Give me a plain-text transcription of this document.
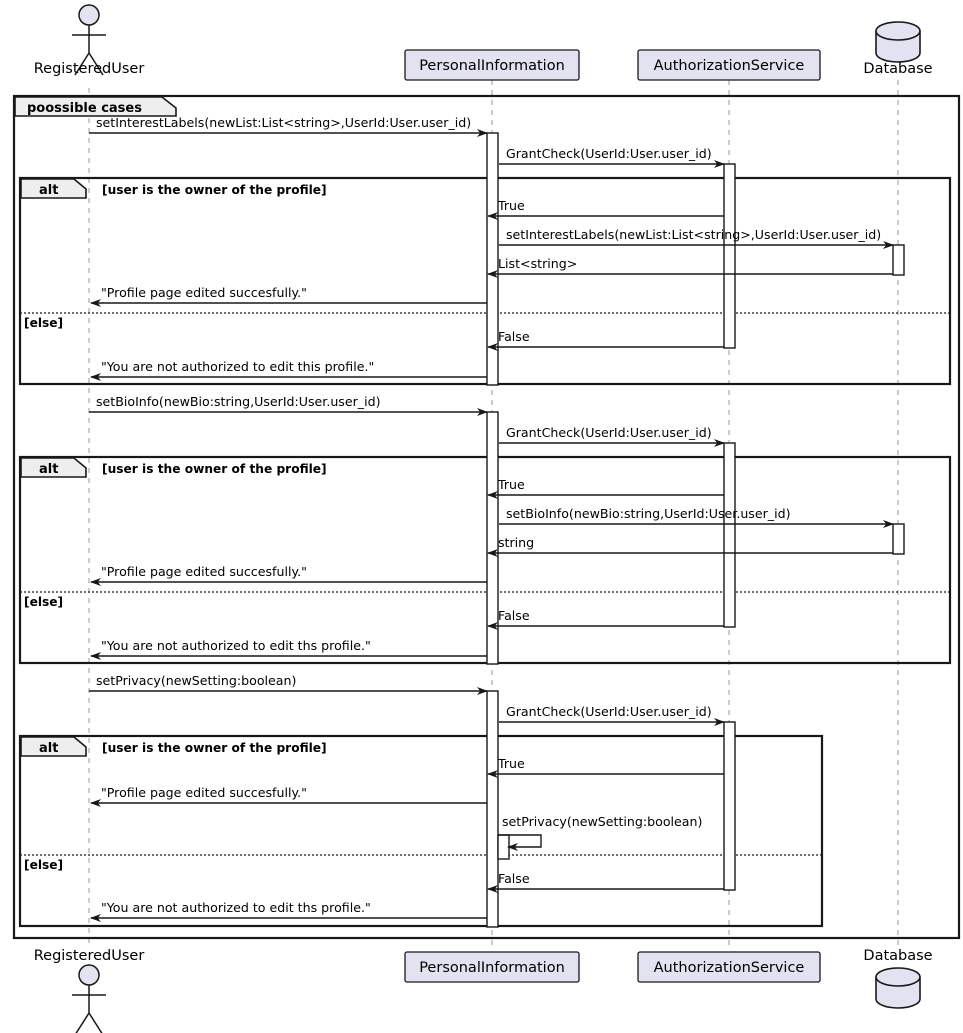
poossible cases
alt	[user is the owner of the profile]
[else]
alt	[user is the owner of the profile]
[else]
alt	[user is the owner of the profile]
[else]
setInterestLabels(newList:List<string>,UserId:User.user_id)
GrantCheck(UserId:User.user_id)
True
setInterestLabels(newList:List<string>,UserId:User.user_id)
List<string>
"Profile page edited succesfully."
False
"You are not authorized to edit this profile."
setBioInfo(newBio:string,UserId:User.user_id)
GrantCheck(UserId:User.user_id)
True
setBioInfo(newBio:string,UserId:User.user_id)
string
"Profile page edited succesfully."
False
"You are not authorized to edit ths profile."
setPrivacy(newSetting:boolean)
GrantCheck(UserId:User.user_id)
True
"Profile page edited succesfully."
setPrivacy(newSetting:boolean)
False
"You are not authorized to edit ths profile."
RegisteredUser	PersonalInformation	AuthorizationService	Database
RegisteredUser
PersonalInformation	AuthorizationService
Database
